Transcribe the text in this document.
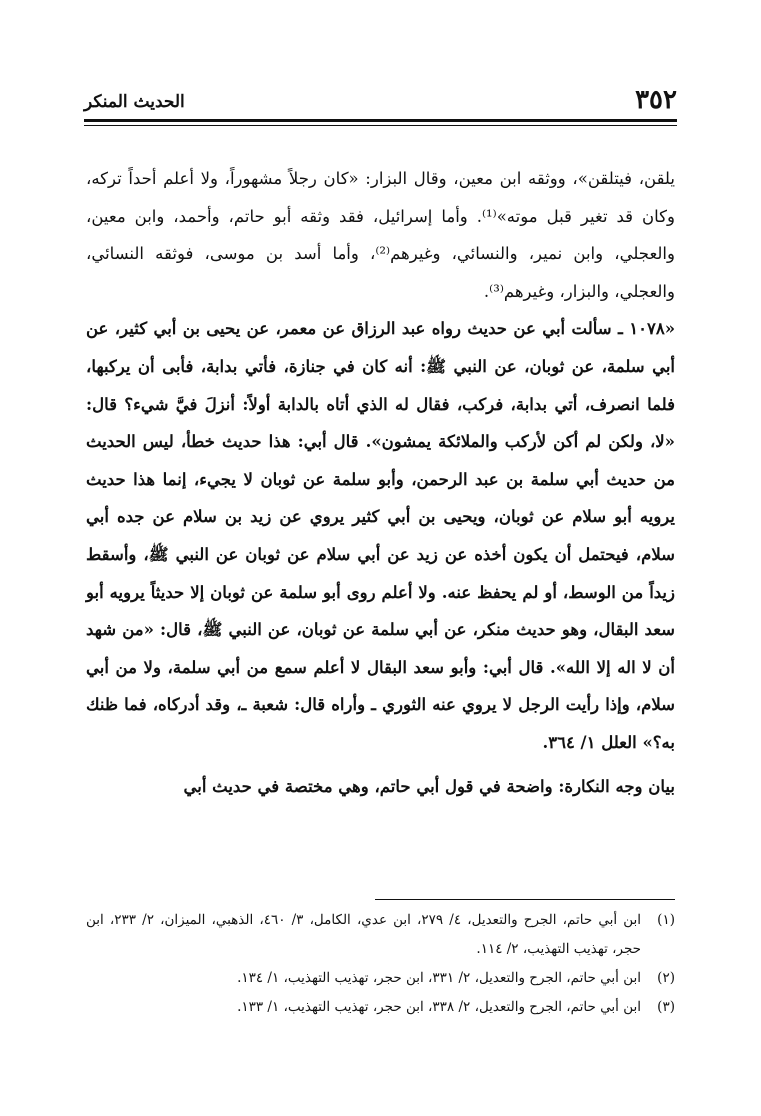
٣٥٢
الحديث المنكر

يلقن، فيتلقن»، ووثقه ابن معين، وقال البزار: «كان رجلاً مشهوراً، ولا أعلم أحداً تركه، وكان قد تغير قبل موته»⁽¹⁾. وأما إسرائيل، فقد وثقه أبو حاتم، وأحمد، وابن معين، والعجلي، وابن نمير، والنسائي، وغيرهم⁽²⁾، وأما أسد بن موسى، فوثقه النسائي، والعجلي، والبزار، وغيرهم⁽³⁾.

«١٠٧٨ ـ سألت أبي عن حديث رواه عبد الرزاق عن معمر، عن يحيى بن أبي كثير، عن أبي سلمة، عن ثوبان، عن النبي ﷺ: أنه كان في جنازة، فأتي بدابة، فأبى أن يركبها، فلما انصرف، أتي بدابة، فركب، فقال له الذي أتاه بالدابة أولاً: أنزلَ فيَّ شيء؟ قال: «لا، ولكن لم أكن لأركب والملائكة يمشون». قال أبي: هذا حديث خطأ، ليس الحديث من حديث أبي سلمة بن عبد الرحمن، وأبو سلمة عن ثوبان لا يجيء، إنما هذا حديث يرويه أبو سلام عن ثوبان، ويحيى بن أبي كثير يروي عن زيد بن سلام عن جده أبي سلام، فيحتمل أن يكون أخذه عن زيد عن أبي سلام عن ثوبان عن النبي ﷺ، وأسقط زيداً من الوسط، أو لم يحفظ عنه. ولا أعلم روى أبو سلمة عن ثوبان إلا حديثاً يرويه أبو سعد البقال، وهو حديث منكر، عن أبي سلمة عن ثوبان، عن النبي ﷺ، قال: «من شهد أن لا اله إلا الله». قال أبي: وأبو سعد البقال لا أعلم سمع من أبي سلمة، ولا من أبي سلام، وإذا رأيت الرجل لا يروي عنه الثوري ـ وأراه قال: شعبة ـ، وقد أدركاه، فما ظنك به؟» العلل ١/ ٣٦٤.

بيان وجه النكارة: واضحة في قول أبي حاتم، وهي مختصة في حديث أبي

(١)
ابن أبي حاتم، الجرح والتعديل، ٤/ ٢٧٩، ابن عدي، الكامل، ٣/ ٤٦٠، الذهبي، الميزان، ٢/ ٢٣٣، ابن حجر، تهذيب التهذيب، ٢/ ١١٤.
(٢)
ابن أبي حاتم، الجرح والتعديل، ٢/ ٣٣١، ابن حجر، تهذيب التهذيب، ١/ ١٣٤.
(٣)
ابن أبي حاتم، الجرح والتعديل، ٢/ ٣٣٨، ابن حجر، تهذيب التهذيب، ١/ ١٣٣.
